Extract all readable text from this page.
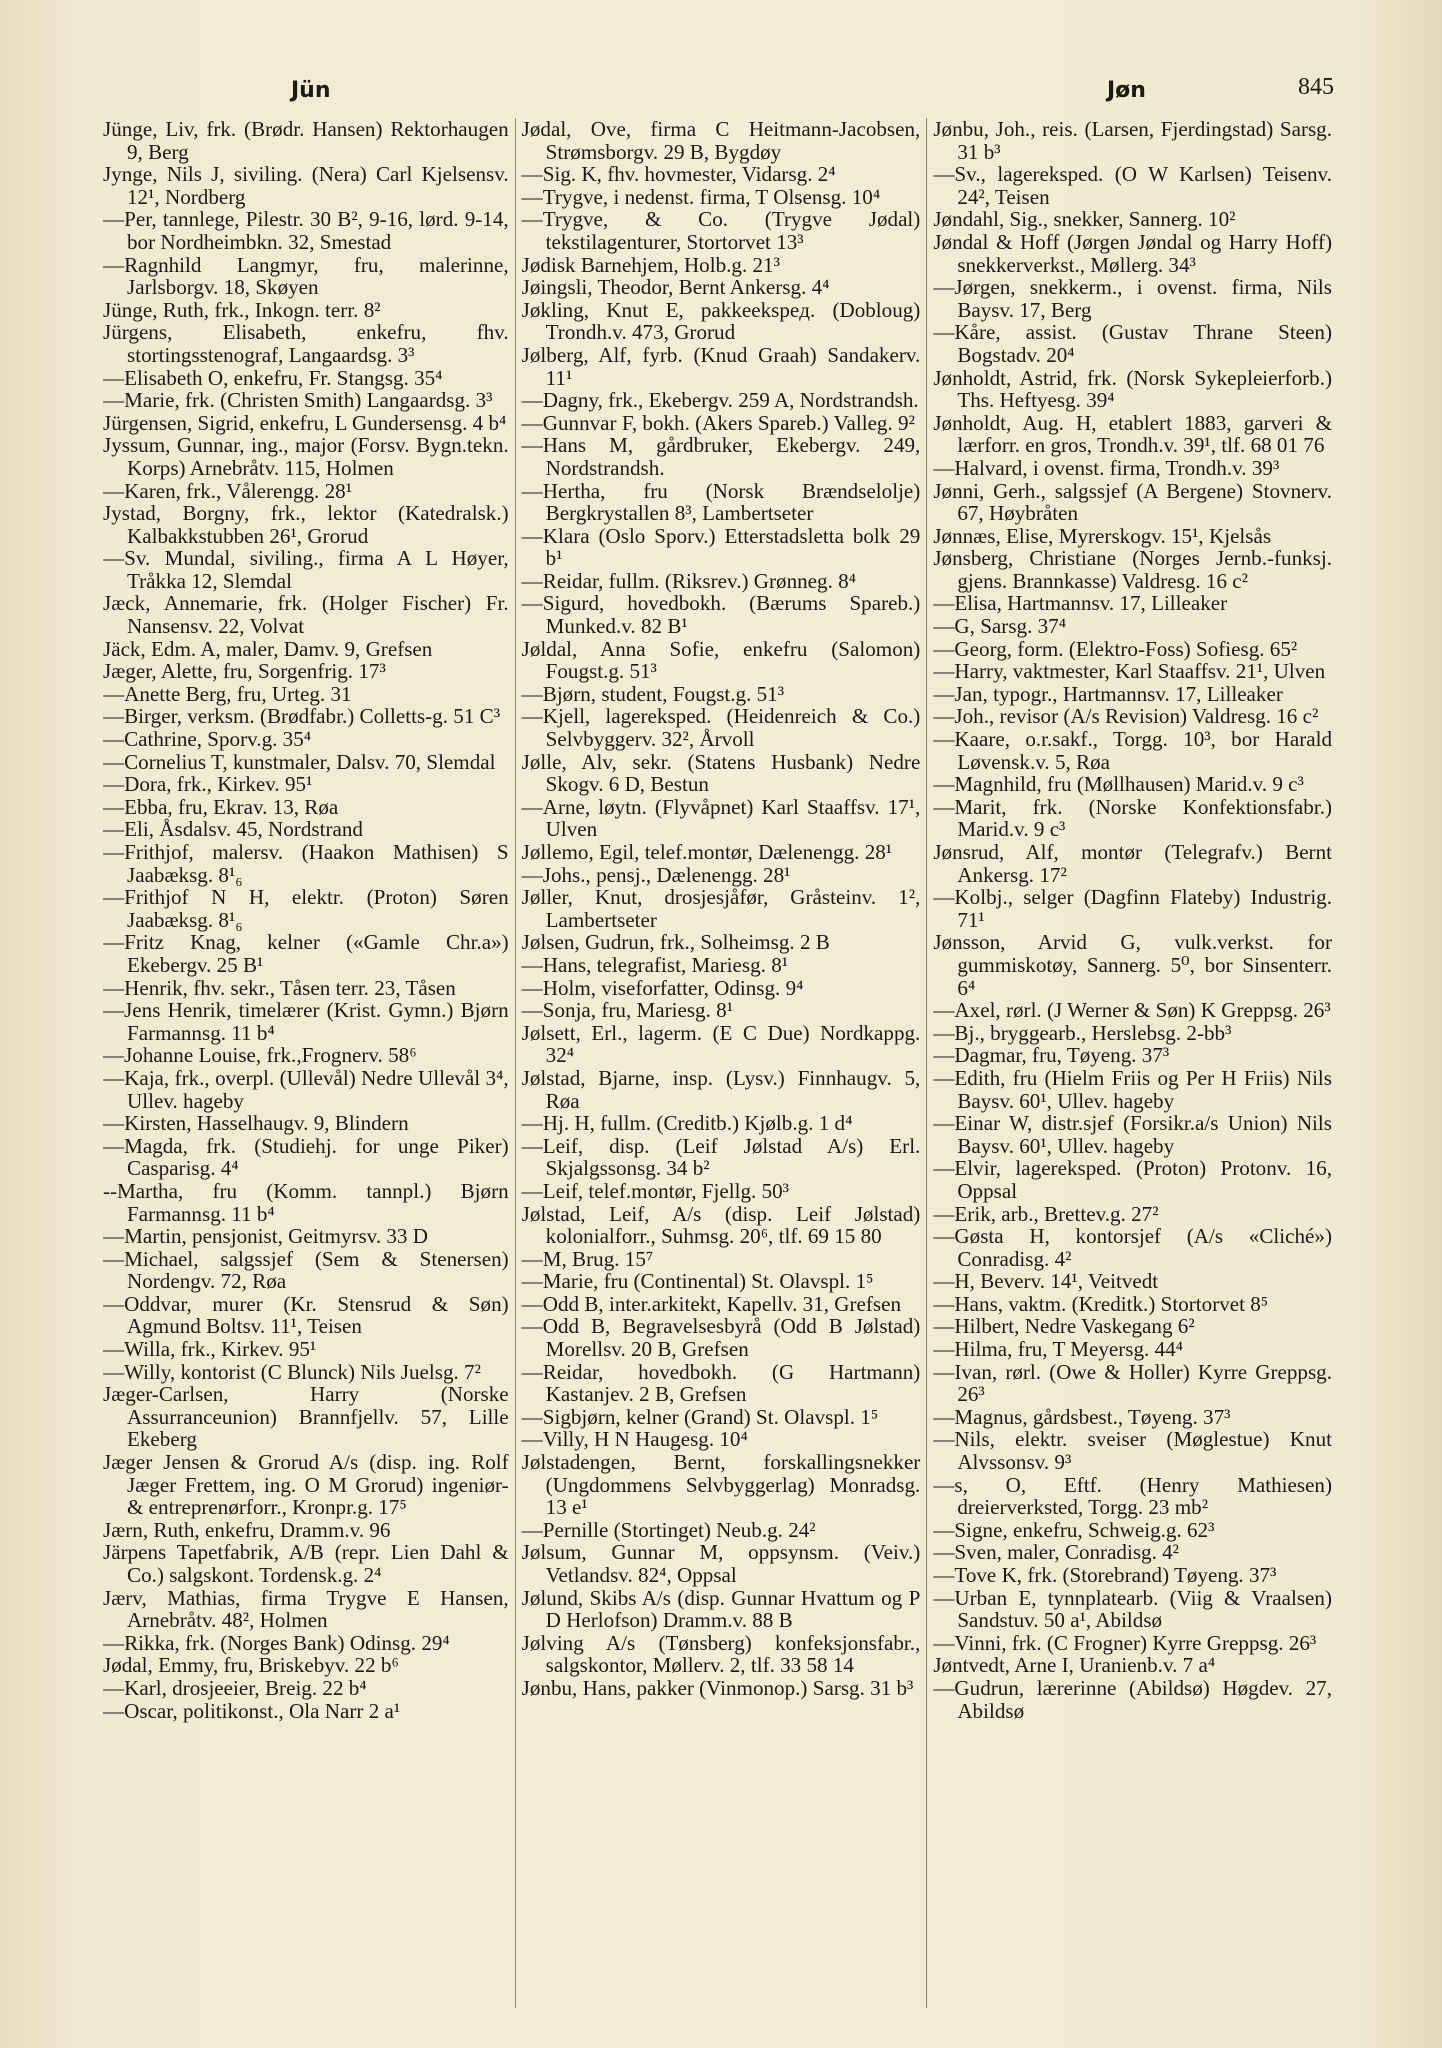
Jün	Jøn	845

Jünge, Liv, frk. (Brødr. Hansen) Rektorhaugen 9, Berg

Jynge, Nils J, siviling. (Nera) Carl Kjelsensv. 12¹, Nordberg

—Per, tannlege, Pilestr. 30 B², 9-16, lørd. 9-14, bor Nordheimbkn. 32, Smestad

—Ragnhild Langmyr, fru, malerinne, Jarlsborgv. 18, Skøyen

Jünge, Ruth, frk., Inkogn. terr. 8²

Jürgens, Elisabeth, enkefru, fhv. stortingsstenograf, Langaardsg. 3³

—Elisabeth O, enkefru, Fr. Stangsg. 35⁴

—Marie, frk. (Christen Smith) Langaardsg. 3³

Jürgensen, Sigrid, enkefru, L Gundersensg. 4 b⁴

Jyssum, Gunnar, ing., major (Forsv. Bygn.tekn. Korps) Arnebråtv. 115, Holmen

—Karen, frk., Vålerengg. 28¹

Jystad, Borgny, frk., lektor (Katedralsk.) Kalbakkstubben 26¹, Grorud

—Sv. Mundal, siviling., firma A L Høyer, Tråkka 12, Slemdal

Jæck, Annemarie, frk. (Holger Fischer) Fr. Nansensv. 22, Volvat

Jäck, Edm. A, maler, Damv. 9, Grefsen

Jæger, Alette, fru, Sorgenfrig. 17³

—Anette Berg, fru, Urteg. 31

—Birger, verksm. (Brødfabr.) Colletts-g. 51 C³

—Cathrine, Sporv.g. 35⁴

—Cornelius T, kunstmaler, Dalsv. 70, Slemdal

—Dora, frk., Kirkev. 95¹

—Ebba, fru, Ekrav. 13, Røa

—Eli, Åsdalsv. 45, Nordstrand

—Frithjof, malersv. (Haakon Mathisen) S Jaabæksg. 8¹₆

—Frithjof N H, elektr. (Proton) Søren Jaabæksg. 8¹₆

—Fritz Knag, kelner («Gamle Chr.a») Ekebergv. 25 B¹

—Henrik, fhv. sekr., Tåsen terr. 23, Tåsen

—Jens Henrik, timelærer (Krist. Gymn.) Bjørn Farmannsg. 11 b⁴

—Johanne Louise, frk.,Frognerv. 58⁶

—Kaja, frk., overpl. (Ullevål) Nedre Ullevål 3⁴, Ullev. hageby

—Kirsten, Hasselhaugv. 9, Blindern

—Magda, frk. (Studiehj. for unge Piker) Casparisg. 4⁴

--Martha, fru (Komm. tannpl.) Bjørn Farmannsg. 11 b⁴

—Martin, pensjonist, Geitmyrsv. 33 D

—Michael, salgssjef (Sem & Stenersen) Nordengv. 72, Røa

—Oddvar, murer (Kr. Stensrud & Søn) Agmund Boltsv. 11¹, Teisen

—Willa, frk., Kirkev. 95¹

—Willy, kontorist (C Blunck) Nils Juelsg. 7²

Jæger-Carlsen, Harry (Norske Assurranceunion) Brannfjellv. 57, Lille Ekeberg

Jæger Jensen & Grorud A/s (disp. ing. Rolf Jæger Frettem, ing. O M Grorud) ingeniør- & entreprenørforr., Kronpr.g. 17⁵

Jærn, Ruth, enkefru, Dramm.v. 96

Järpens Tapetfabrik, A/B (repr. Lien Dahl & Co.) salgskont. Tordensk.g. 2⁴

Jærv, Mathias, firma Trygve E Hansen, Arnebråtv. 48², Holmen

—Rikka, frk. (Norges Bank) Odinsg. 29⁴

Jødal, Emmy, fru, Briskebyv. 22 b⁶

—Karl, drosjeeier, Breig. 22 b⁴

—Oscar, politikonst., Ola Narr 2 a¹

Jødal, Ove, firma C Heitmann-Jacobsen, Strømsborgv. 29 B, Bygdøy

—Sig. K, fhv. hovmester, Vidarsg. 2⁴

—Trygve, i nedenst. firma, T Olsensg. 10⁴

—Trygve, & Co. (Trygve Jødal) tekstilagenturer, Stortorvet 13³

Jødisk Barnehjem, Holb.g. 21³

Jøingsli, Theodor, Bernt Ankersg. 4⁴

Jøkling, Knut E, pakkeekspeд. (Dobloug) Trondh.v. 473, Grorud

Jølberg, Alf, fyrb. (Knud Graah) Sandakerv. 11¹

—Dagny, frk., Ekebergv. 259 A, Nordstrandsh.

—Gunnvar F, bokh. (Akers Spareb.) Valleg. 9²

—Hans M, gårdbruker, Ekebergv. 249, Nordstrandsh.

—Hertha, fru (Norsk Brændselolje) Bergkrystallen 8³, Lambertseter

—Klara (Oslo Sporv.) Etterstadsletta bolk 29 b¹

—Reidar, fullm. (Riksrev.) Grønneg. 8⁴

—Sigurd, hovedbokh. (Bærums Spareb.) Munked.v. 82 B¹

Jøldal, Anna Sofie, enkefru (Salomon) Fougst.g. 51³

—Bjørn, student, Fougst.g. 51³

—Kjell, lagereksped. (Heidenreich & Co.) Selvbyggerv. 32², Årvoll

Jølle, Alv, sekr. (Statens Husbank) Nedre Skogv. 6 D, Bestun

—Arne, løytn. (Flyvåpnet) Karl Staaffsv. 17¹, Ulven

Jøllemo, Egil, telef.montør, Dælenengg. 28¹

—Johs., pensj., Dælenengg. 28¹

Jøller, Knut, drosjesjåfør, Gråsteinv. 1², Lambertseter

Jølsen, Gudrun, frk., Solheimsg. 2 B

—Hans, telegrafist, Mariesg. 8¹

—Holm, viseforfatter, Odinsg. 9⁴

—Sonja, fru, Mariesg. 8¹

Jølsett, Erl., lagerm. (E C Due) Nordkappg. 32⁴

Jølstad, Bjarne, insp. (Lysv.) Finnhaugv. 5, Røa

—Hj. H, fullm. (Creditb.) Kjølb.g. 1 d⁴

—Leif, disp. (Leif Jølstad A/s) Erl. Skjalgssonsg. 34 b²

—Leif, telef.montør, Fjellg. 50³

Jølstad, Leif, A/s (disp. Leif Jølstad) kolonialforr., Suhmsg. 20⁶, tlf. 69 15 80

—M, Brug. 15⁷

—Marie, fru (Continental) St. Olavspl. 1⁵

—Odd B, inter.arkitekt, Kapellv. 31, Grefsen

—Odd B, Begravelsesbyrå (Odd B Jølstad) Morellsv. 20 B, Grefsen

—Reidar, hovedbokh. (G Hartmann) Kastanjev. 2 B, Grefsen

—Sigbjørn, kelner (Grand) St. Olavspl. 1⁵

—Villy, H N Haugesg. 10⁴

Jølstadengen, Bernt, forskallingsnekker (Ungdommens Selvbyggerlag) Monradsg. 13 e¹

—Pernille (Stortinget) Neub.g. 24²

Jølsum, Gunnar M, oppsynsm. (Veiv.) Vetlandsv. 82⁴, Oppsal

Jølund, Skibs A/s (disp. Gunnar Hvattum og P D Herlofson) Dramm.v. 88 B

Jølving A/s (Tønsberg) konfeksjonsfabr., salgskontor, Møllerv. 2, tlf. 33 58 14

Jønbu, Hans, pakker (Vinmonop.) Sarsg. 31 b³

Jønbu, Joh., reis. (Larsen, Fjerdingstad) Sarsg. 31 b³

—Sv., lagereksped. (O W Karlsen) Teisenv. 24², Teisen

Jøndahl, Sig., snekker, Sannerg. 10²

Jøndal & Hoff (Jørgen Jøndal og Harry Hoff) snekkerverkst., Møllerg. 34³

—Jørgen, snekkerm., i ovenst. firma, Nils Baysv. 17, Berg

—Kåre, assist. (Gustav Thrane Steen) Bogstadv. 20⁴

Jønholdt, Astrid, frk. (Norsk Sykepleierforb.) Ths. Heftyesg. 39⁴

Jønholdt, Aug. H, etablert 1883, garveri & lærforr. en gros, Trondh.v. 39¹, tlf. 68 01 76

—Halvard, i ovenst. firma, Trondh.v. 39³

Jønni, Gerh., salgssjef (A Bergene) Stovnerv. 67, Høybråten

Jønnæs, Elise, Myrerskogv. 15¹, Kjelsås

Jønsberg, Christiane (Norges Jernb.-funksj. gjens. Brannkasse) Valdresg. 16 c²

—Elisa, Hartmannsv. 17, Lilleaker

—G, Sarsg. 37⁴

—Georg, form. (Elektro-Foss) Sofiesg. 65²

—Harry, vaktmester, Karl Staaffsv. 21¹, Ulven

—Jan, typogr., Hartmannsv. 17, Lilleaker

—Joh., revisor (A/s Revision) Valdresg. 16 c²

—Kaare, o.r.sakf., Torgg. 10³, bor Harald Løvensk.v. 5, Røa

—Magnhild, fru (Møllhausen) Marid.v. 9 c³

—Marit, frk. (Norske Konfektionsfabr.) Marid.v. 9 c³

Jønsrud, Alf, montør (Telegrafv.) Bernt Ankersg. 17²

—Kolbj., selger (Dagfinn Flateby) Industrig. 71¹

Jønsson, Arvid G, vulk.verkst. for gummiskotøy, Sannerg. 5⁰, bor Sinsenterr. 6⁴

—Axel, rørl. (J Werner & Søn) K Greppsg. 26³

—Bj., bryggearb., Herslebsg. 2-bb³

—Dagmar, fru, Tøyeng. 37³

—Edith, fru (Hielm Friis og Per H Friis) Nils Baysv. 60¹, Ullev. hageby

—Einar W, distr.sjef (Forsikr.a/s Union) Nils Baysv. 60¹, Ullev. hageby

—Elvir, lagereksped. (Proton) Protonv. 16, Oppsal

—Erik, arb., Brettev.g. 27²

—Gøsta H, kontorsjef (A/s «Cliché») Conradisg. 4²

—H, Beverv. 14¹, Veitvedt

—Hans, vaktm. (Kreditk.) Stortorvet 8⁵

—Hilbert, Nedre Vaskegang 6²

—Hilma, fru, T Meyersg. 44⁴

—Ivan, rørl. (Owe & Holler) Kyrre Greppsg. 26³

—Magnus, gårdsbest., Tøyeng. 37³

—Nils, elektr. sveiser (Møglestue) Knut Alvssonsv. 9³

—s, O, Eftf. (Henry Mathiesen) dreierverksted, Torgg. 23 mb²

—Signe, enkefru, Schweig.g. 62³

—Sven, maler, Conradisg. 4²

—Tove K, frk. (Storebrand) Tøyeng. 37³

—Urban E, tynnplatearb. (Viig & Vraalsen) Sandstuv. 50 a¹, Abildsø

—Vinni, frk. (C Frogner) Kyrre Greppsg. 26³

Jøntvedt, Arne I, Uranienb.v. 7 a⁴

—Gudrun, lærerinne (Abildsø) Høgdev. 27, Abildsø
